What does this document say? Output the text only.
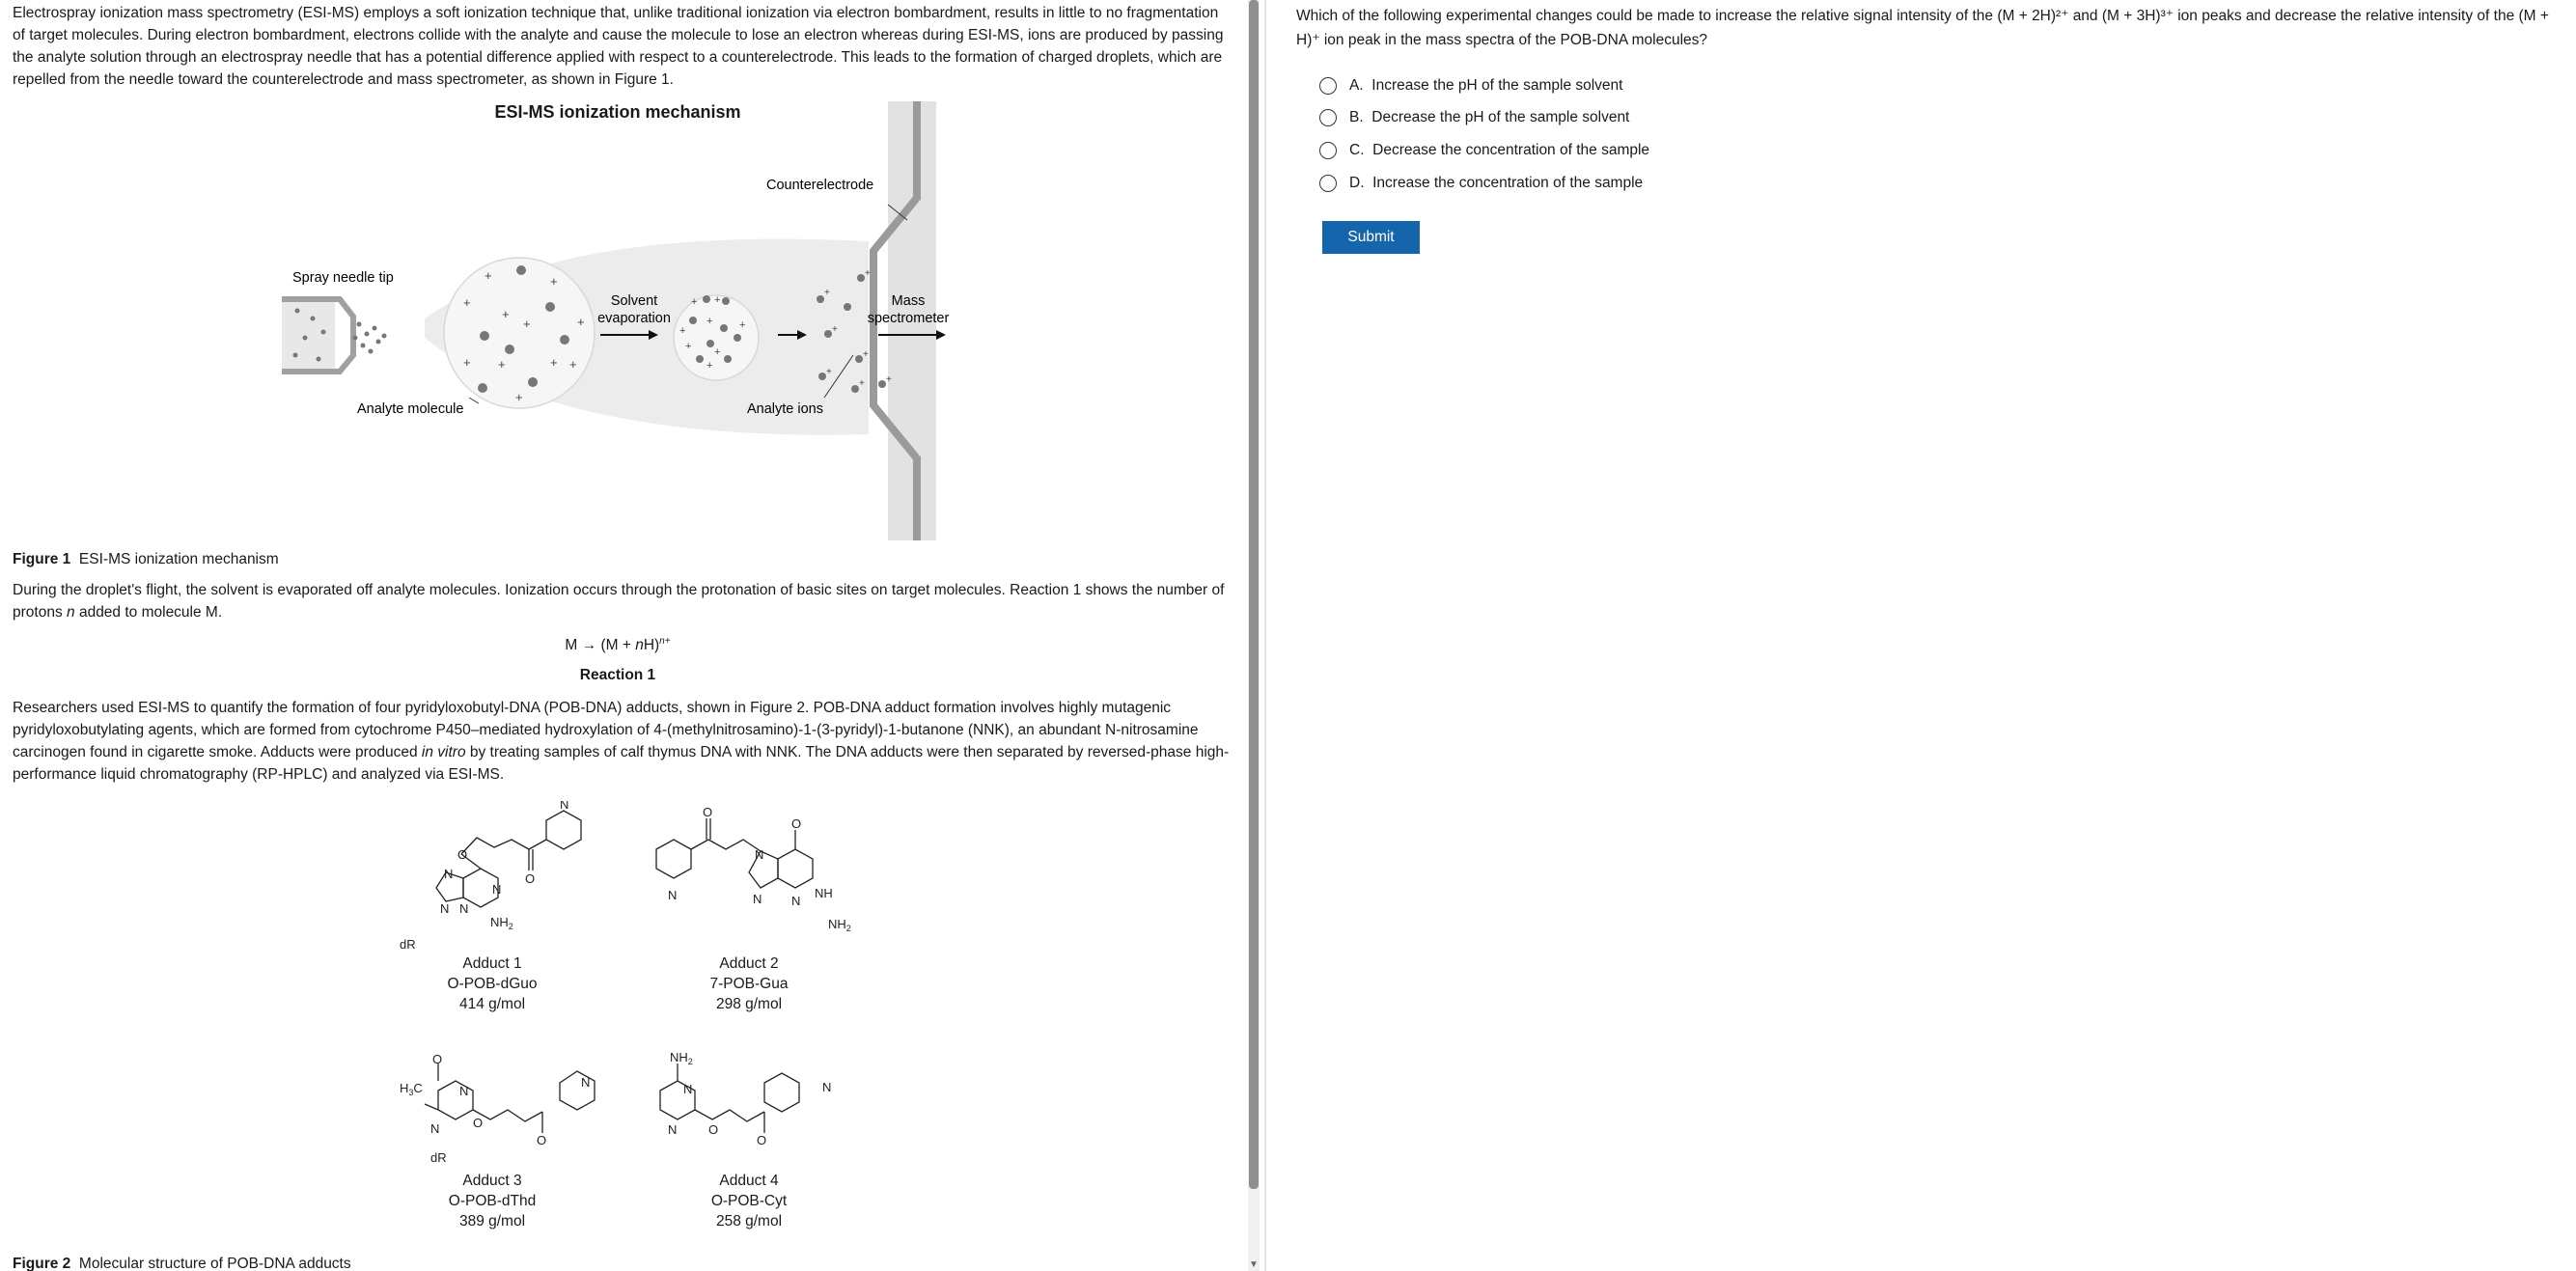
Electrospray ionization mass spectrometry (ESI-MS) employs a soft ionization technique that, unlike traditional ionization via electron bombardment, results in little to no fragmentation of target molecules. During electron bombardment, electrons collide with the analyte and cause the molecule to lose an electron whereas during ESI-MS, ions are produced by passing the analyte solution through an electrospray needle that has a potential difference applied with respect to a counterelectrode. This leads to the formation of charged droplets, which are repelled from the needle toward the counterelectrode and mass spectrometer, as shown in Figure 1.

ESI-MS ionization mechanism
+	+
+
+
+	+
+ +	+ +
+
+ +
+
+	+
+ +
+
+
+
+
+
+
+ +
Spray needle tip
Analyte molecule
Solvent
evaporation
Counterelectrode
Mass
spectrometer
Analyte ions

Figure 1 ESI-MS ionization mechanism

During the droplet's flight, the solvent is evaporated off analyte molecules. Ionization occurs through the protonation of basic sites on target molecules. Reaction 1 shows the number of protons n added to molecule M.

M → (M + nH)$^{n+}$
Reaction 1

Researchers used ESI-MS to quantify the formation of four pyridyloxobutyl-DNA (POB-DNA) adducts, shown in Figure 2. POB-DNA adduct formation involves highly mutagenic pyridyloxobutylating agents, which are formed from cytochrome P450–mediated hydroxylation of 4-(methylnitrosamino)-1-(3-pyridyl)-1-butanone (NNK), an abundant N-nitrosamine carcinogen found in cigarette smoke. Adducts were produced in vitro by treating samples of calf thymus DNA with NNK. The DNA adducts were then separated by reversed-phase high-performance liquid chromatography (RP-HPLC) and analyzed via ESI-MS.

O
O
N
N
N
N N
$NH_2$
dR
N
O
O
N
NH
N N
$NH_2$
O
$H_3C$	N
N	O
O
N
dR
$NH_2$
N
N	O
O
N
Adduct 1
O-POB-dGuo
414 g/mol
Adduct 2
7-POB-Gua
298 g/mol
Adduct 3
O-POB-dThd
389 g/mol
Adduct 4
O-POB-Cyt
258 g/mol

Figure 2 Molecular structure of POB-DNA adducts	▼

Which of the following experimental changes could be made to increase the relative signal intensity of the (M + 2H)²⁺ and (M + 3H)³⁺ ion peaks and decrease the relative intensity of the (M + H)⁺ ion peak in the mass spectra of the POB-DNA molecules?

A.
Increase the pH of the sample solvent
B.
Decrease the pH of the sample solvent
C.
Decrease the concentration of the sample
D.
Increase the concentration of the sample
Submit
